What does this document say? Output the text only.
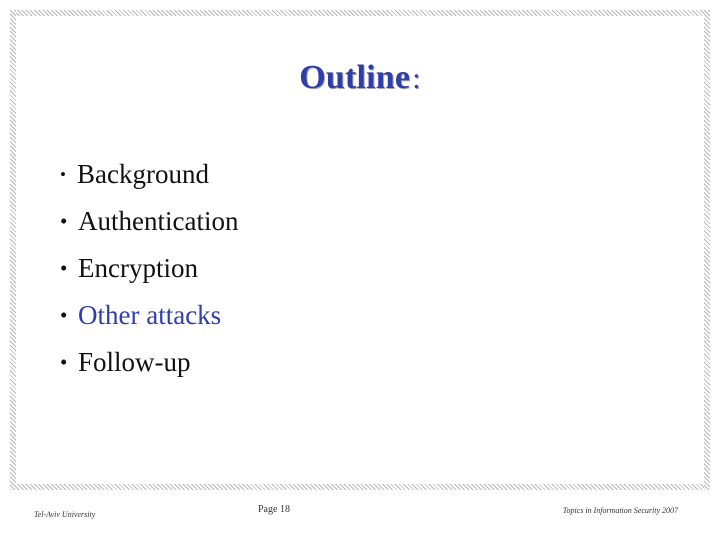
Outline:
• Background
• Authentication
• Encryption
• Other attacks
• Follow-up
Tel-Aviv University	Page 18	Topics in Information Security 2007
